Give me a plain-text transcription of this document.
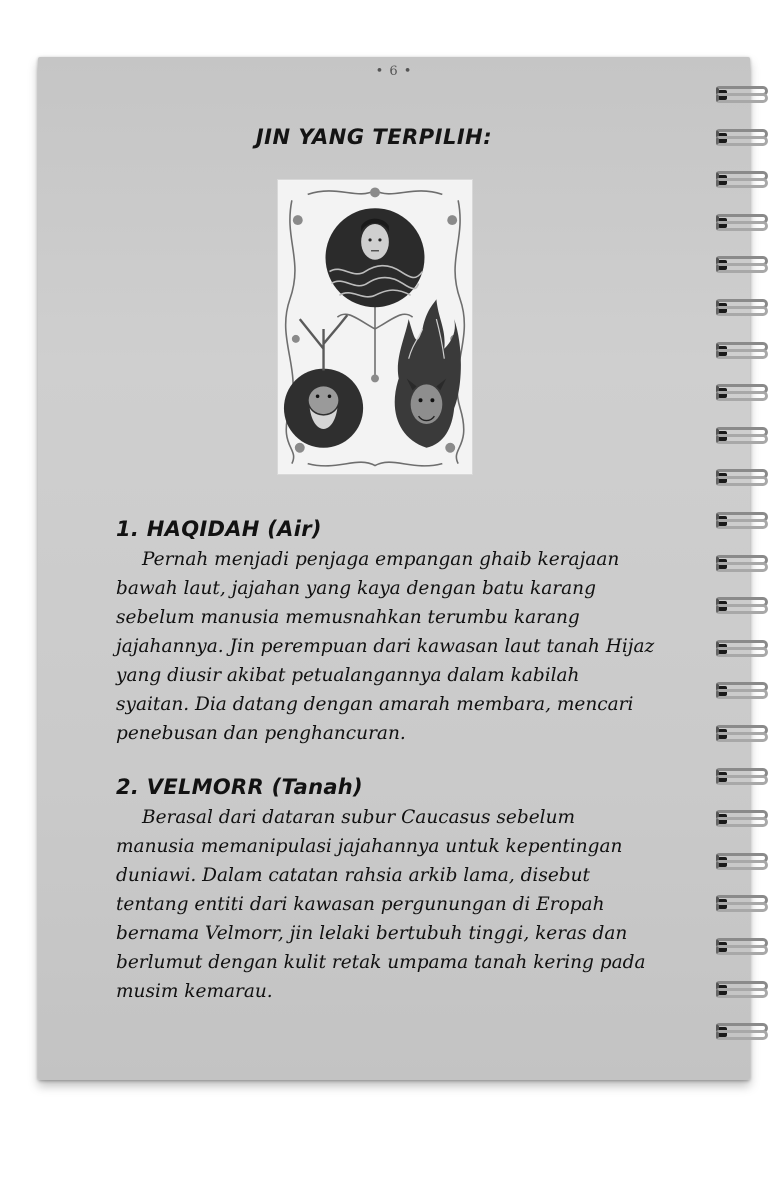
• 6 •
JIN YANG TERPILIH:
1. HAQIDAH (Air)

Pernah menjadi penjaga empangan ghaib kerajaan bawah laut, jajahan yang kaya dengan batu karang sebelum manusia memusnahkan terumbu karang jajahannya. Jin perempuan dari kawasan laut tanah Hijaz yang diusir akibat petualangannya dalam kabilah syaitan. Dia datang dengan amarah membara, mencari penebusan dan penghancuran.

2. VELMORR (Tanah)

Berasal dari dataran subur Caucasus sebelum manusia memanipulasi jajahannya untuk kepentingan duniawi. Dalam catatan rahsia arkib lama, disebut tentang entiti dari kawasan pergunungan di Eropah bernama Velmorr, jin lelaki bertubuh tinggi, keras dan berlumut dengan kulit retak umpama tanah kering pada musim kemarau.
